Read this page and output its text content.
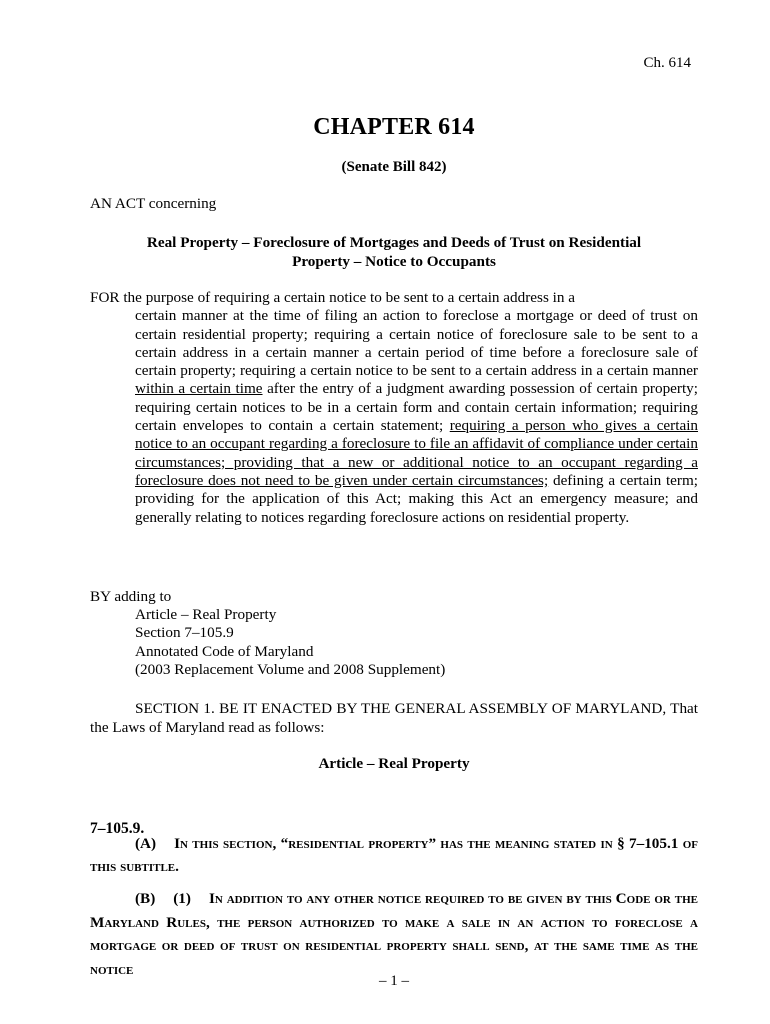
Ch. 614
CHAPTER 614
(Senate Bill 842)
AN ACT concerning
Real Property – Foreclosure of Mortgages and Deeds of Trust on Residential
Property – Notice to Occupants
FOR the purpose of requiring a certain notice to be sent to a certain address in a
certain manner at the time of filing an action to foreclose a mortgage or deed of trust on certain residential property; requiring a certain notice of foreclosure sale to be sent to a certain address in a certain manner a certain period of time before a foreclosure sale of certain property; requiring a certain notice to be sent to a certain address in a certain manner within a certain time after the entry of a judgment awarding possession of certain property; requiring certain notices to be in a certain form and contain certain information; requiring certain envelopes to contain a certain statement; requiring a person who gives a certain notice to an occupant regarding a foreclosure to file an affidavit of compliance under certain circumstances; providing that a new or additional notice to an occupant regarding a foreclosure does not need to be given under certain circumstances; defining a certain term; providing for the application of this Act; making this Act an emergency measure; and generally relating to notices regarding foreclosure actions on residential property.
BY adding to
Article – Real Property
Section 7–105.9
Annotated Code of Maryland
(2003 Replacement Volume and 2008 Supplement)
SECTION 1. BE IT ENACTED BY THE GENERAL ASSEMBLY OF MARYLAND, That the Laws of Maryland read as follows:
Article – Real Property
7–105.9.
(A) In this section, “residential property” has the meaning stated in § 7–105.1 of this subtitle.
(B) (1) In addition to any other notice required to be given by this Code or the Maryland Rules, the person authorized to make a sale in an action to foreclose a mortgage or deed of trust on residential property shall send, at the same time as the notice
– 1 –
